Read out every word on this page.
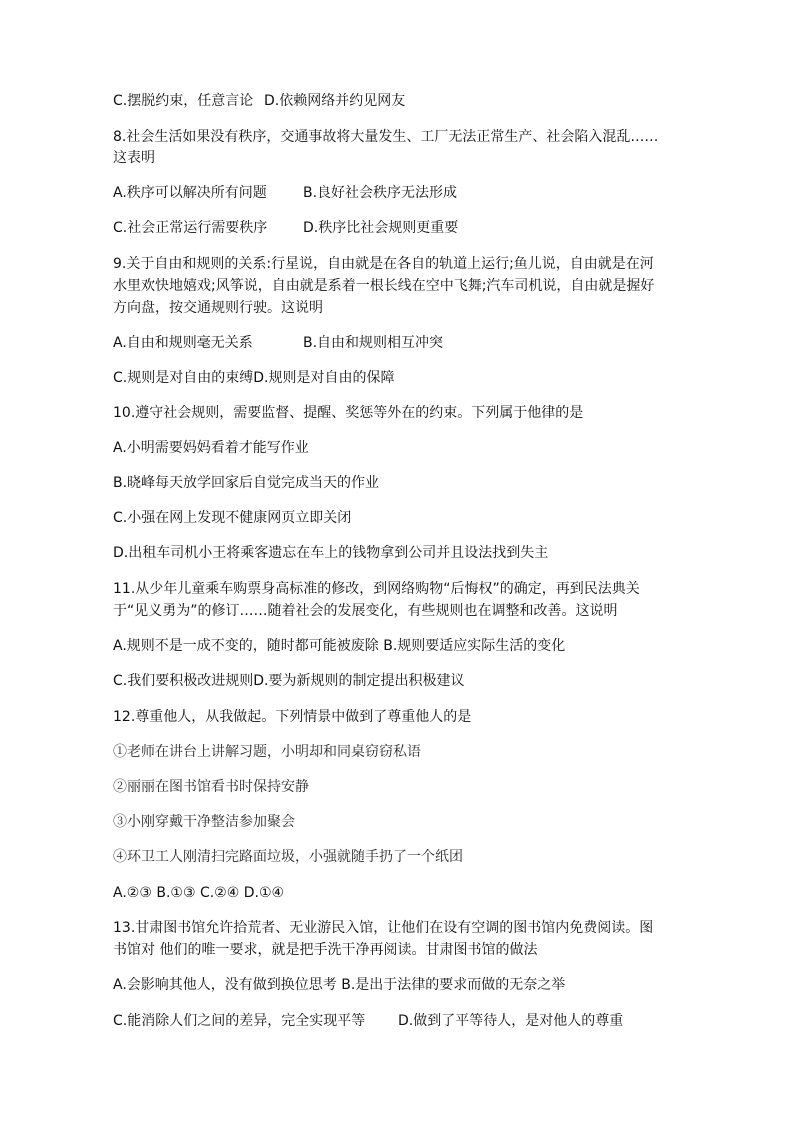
C.摆脱约束，任意言论 D.依赖网络并约见网友
8.社会生活如果没有秩序，交通事故将大量发生、工厂无法正常生产、社会陷入混乱……
这表明
A.秩序可以解决所有问题	B.良好社会秩序无法形成
C.社会正常运行需要秩序	D.秩序比社会规则更重要
9.关于自由和规则的关系:行星说，自由就是在各自的轨道上运行;鱼儿说，自由就是在河
水里欢快地嬉戏;风筝说，自由就是系着一根长线在空中飞舞;汽车司机说，自由就是握好
方向盘，按交通规则行驶。这说明
A.自由和规则毫无关系	B.自由和规则相互冲突
C.规则是对自由的束缚D.规则是对自由的保障
10.遵守社会规则，需要监督、提醒、奖惩等外在的约束。下列属于他律的是
A.小明需要妈妈看着才能写作业
B.晓峰每天放学回家后自觉完成当天的作业
C.小强在网上发现不健康网页立即关闭
D.出租车司机小王将乘客遗忘在车上的钱物拿到公司并且设法找到失主
11.从少年儿童乘车购票身高标准的修改，到网络购物“后悔权”的确定，再到民法典关
于“见义勇为”的修订……随着社会的发展变化，有些规则也在调整和改善。这说明
A.规则不是一成不变的，随时都可能被废除 B.规则要适应实际生活的变化
C.我们要积极改进规则D.要为新规则的制定提出积极建议
12.尊重他人，从我做起。下列情景中做到了尊重他人的是
①老师在讲台上讲解习题，小明却和同桌窃窃私语
②丽丽在图书馆看书时保持安静
③小刚穿戴干净整洁参加聚会
④环卫工人刚清扫完路面垃圾，小强就随手扔了一个纸团
A.②③ B.①③ C.②④ D.①④
13.甘肃图书馆允许拾荒者、无业游民入馆，让他们在设有空调的图书馆内免费阅读。图
书馆对 他们的唯一要求，就是把手洗干净再阅读。甘肃图书馆的做法
A.会影响其他人，没有做到换位思考 B.是出于法律的要求而做的无奈之举
C.能消除人们之间的差异，完全实现平等 D.做到了平等待人，是对他人的尊重
